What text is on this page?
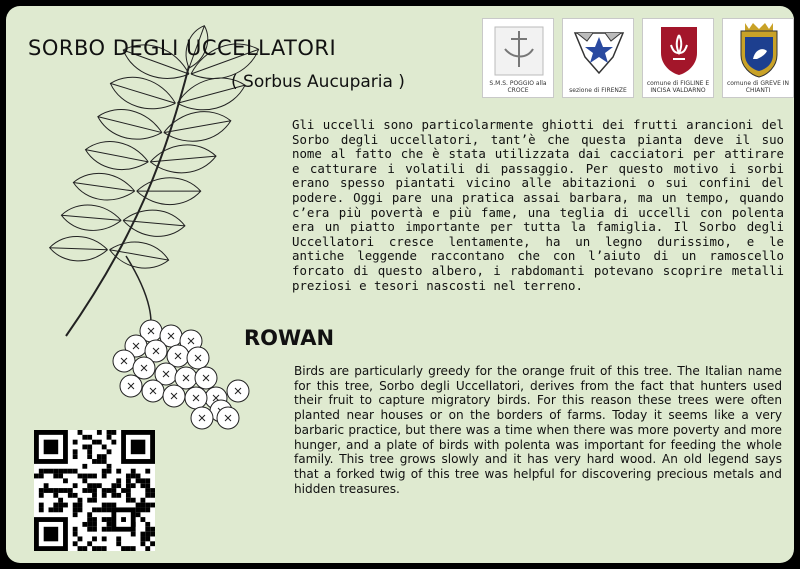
SORBO DEGLI UCCELLATORI
( Sorbus Aucuparia )	S.M.S. POGGIO alla CROCE	sezione di FIRENZE
comune di FIGLINE E INCISA VALDARNO
comune di GREVE IN CHIANTI
Gli uccelli sono particolarmente ghiotti dei frutti arancioni del Sorbo degli uccellatori, tant’è che questa pianta deve il suo nome al fatto che è stata utilizzata dai cacciatori per attirare e catturare i volatili di passaggio. Per questo motivo i sorbi erano spesso piantati vicino alle abitazioni o sui confini del podere. Oggi pare una pratica assai barbara, ma un tempo, quando c’era più povertà e più fame, una teglia di uccelli con polenta era un piatto importante per tutta la famiglia. Il Sorbo degli Uccellatori cresce lentamente, ha un legno durissimo, e le antiche leggende raccontano che con l’aiuto di un ramoscello forcato di questo albero, i rabdomanti potevano scoprire metalli preziosi e tesori nascosti nel terreno.
ROWAN
Birds are particularly greedy for the orange fruit of this tree. The Italian name for this tree, Sorbo degli Uccellatori, derives from the fact that hunters used their fruit to capture migratory birds. For this reason these trees were often planted near houses or on the borders of farms. Today it seems like a very barbaric practice, but there was a time when there was more poverty and more hunger, and a plate of birds with polenta was important for feeding the whole family. This tree grows slowly and it has very hard wood. An old legend says that a forked twig of this tree was helpful for discovering precious metals and hidden treasures.
